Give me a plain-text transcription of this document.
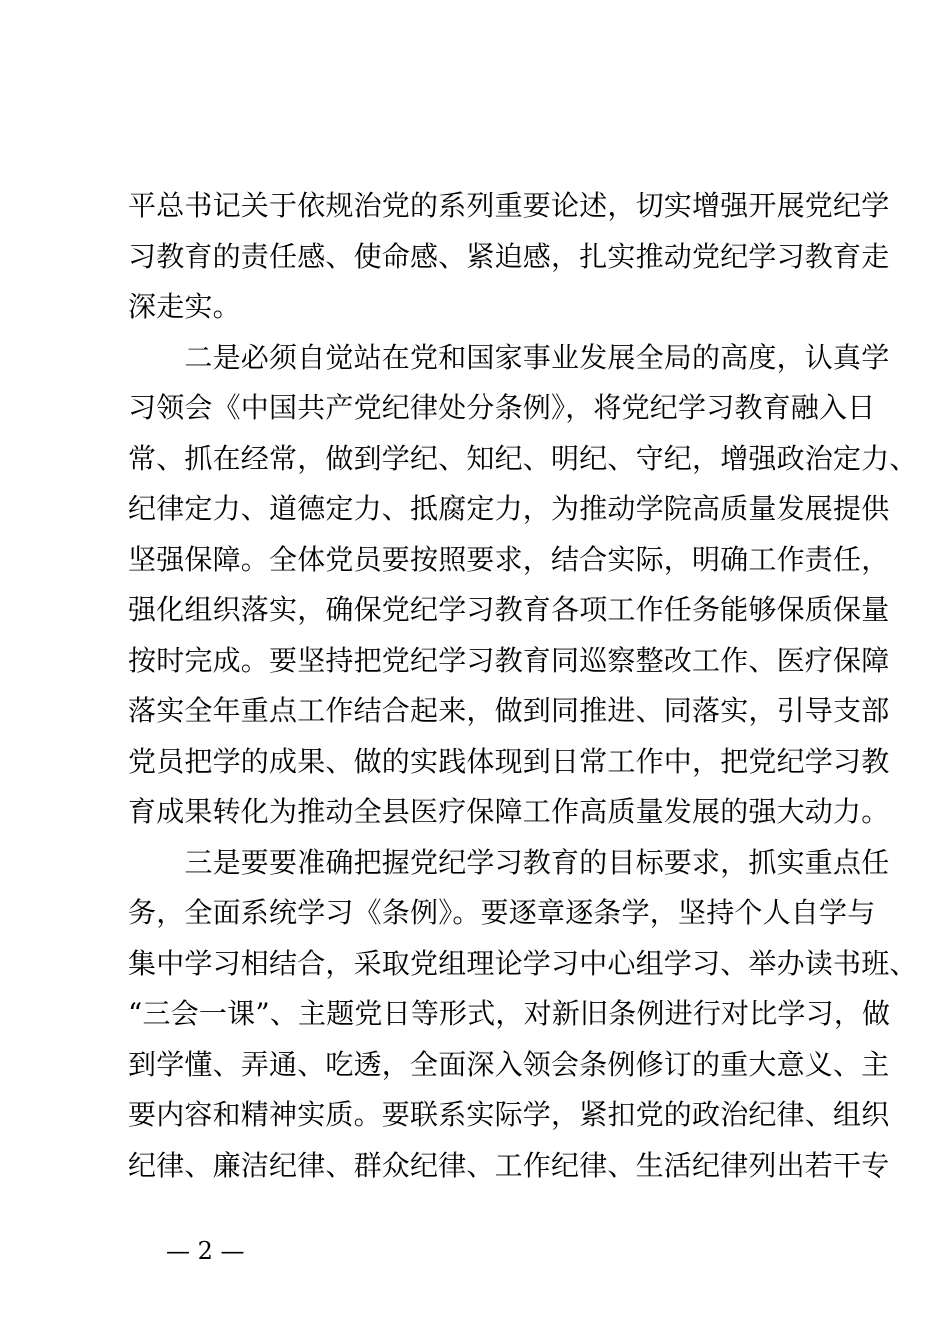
平总书记关于依规治党的系列重要论述，切实增强开展党纪学
习教育的责任感、使命感、紧迫感，扎实推动党纪学习教育走
深走实。
　　二是必须自觉站在党和国家事业发展全局的高度，认真学
习领会《中国共产党纪律处分条例》，将党纪学习教育融入日
常、抓在经常，做到学纪、知纪、明纪、守纪，增强政治定力、
纪律定力、道德定力、抵腐定力，为推动学院高质量发展提供
坚强保障。全体党员要按照要求，结合实际，明确工作责任，
强化组织落实，确保党纪学习教育各项工作任务能够保质保量
按时完成。要坚持把党纪学习教育同巡察整改工作、医疗保障
落实全年重点工作结合起来，做到同推进、同落实，引导支部
党员把学的成果、做的实践体现到日常工作中，把党纪学习教
育成果转化为推动全县医疗保障工作高质量发展的强大动力。
　　三是要要准确把握党纪学习教育的目标要求，抓实重点任
务，全面系统学习《条例》。要逐章逐条学，坚持个人自学与
集中学习相结合，采取党组理论学习中心组学习、举办读书班、
“三会一课”、主题党日等形式，对新旧条例进行对比学习，做
到学懂、弄通、吃透，全面深入领会条例修订的重大意义、主
要内容和精神实质。要联系实际学，紧扣党的政治纪律、组织
纪律、廉洁纪律、群众纪律、工作纪律、生活纪律列出若干专
— 2 —
